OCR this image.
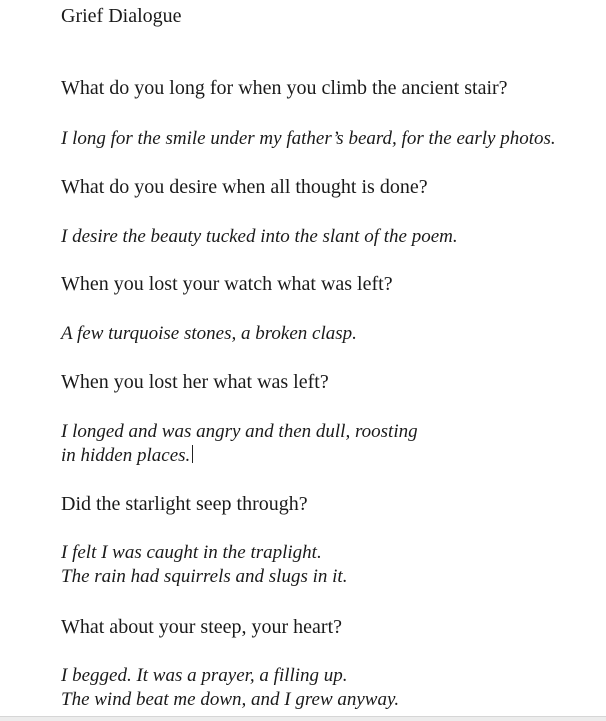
Grief Dialogue
What do you long for when you climb the ancient stair?
I long for the smile under my father’s beard, for the early photos.
What do you desire when all thought is done?
I desire the beauty tucked into the slant of the poem.
When you lost your watch what was left?
A few turquoise stones, a broken clasp.
When you lost her what was left?
I longed and was angry and then dull, roosting
in hidden places.
Did the starlight seep through?
I felt I was caught in the traplight.
The rain had squirrels and slugs in it.
What about your steep, your heart?
I begged. It was a prayer, a filling up.
The wind beat me down, and I grew anyway.
